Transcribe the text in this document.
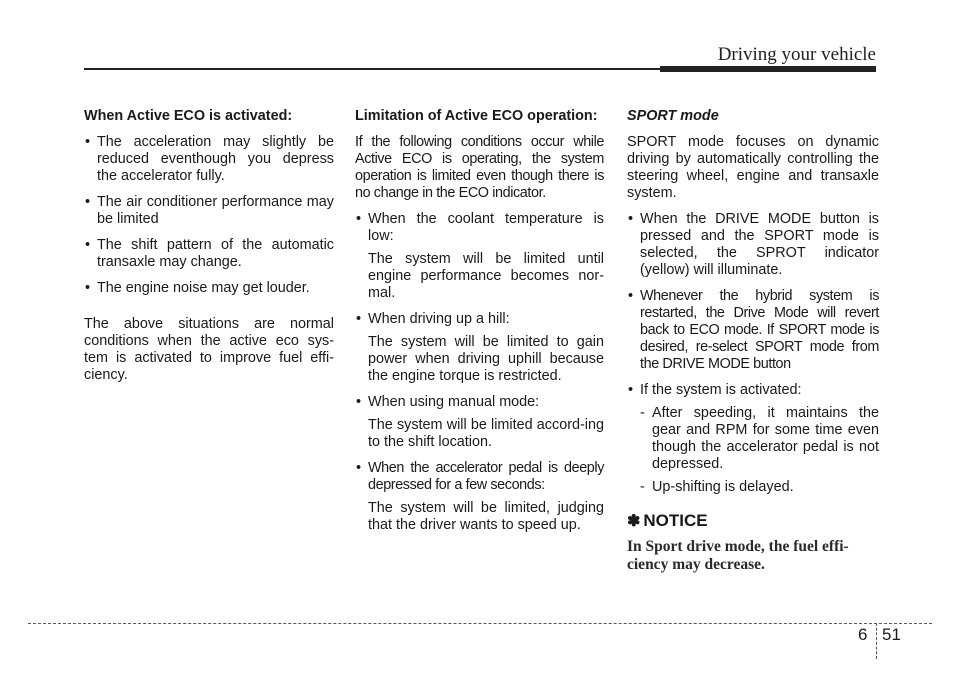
Driving your vehicle
When Active ECO is activated:
• The acceleration may slightly be reduced eventhough you depress the accelerator fully.
• The air conditioner performance may be limited
• The shift pattern of the automatic transaxle may change.
• The engine noise may get louder.

The above situations are normal conditions when the active eco sys-tem is activated to improve fuel effi-ciency.

Limitation of Active ECO operation:

If the following conditions occur while Active ECO is operating, the system operation is limited even though there is no change in the ECO indicator.

• When the coolant temperature is low:
The system will be limited until engine performance becomes nor-mal.
• When driving up a hill:
The system will be limited to gain power when driving uphill because the engine torque is restricted.
• When using manual mode:
The system will be limited accord-ing to the shift location.
• When the accelerator pedal is deeply depressed for a few seconds:
The system will be limited, judging that the driver wants to speed up.
SPORT mode

SPORT mode focuses on dynamic driving by automatically controlling the steering wheel, engine and transaxle system.

• When the DRIVE MODE button is pressed and the SPORT mode is selected, the SPROT indicator (yellow) will illuminate.
• Whenever the hybrid system is restarted, the Drive Mode will revert back to ECO mode. If SPORT mode is desired, re-select SPORT mode from the DRIVE MODE button
• If the system is activated:
- After speeding, it maintains the gear and RPM for some time even though the accelerator pedal is not depressed.
- Up-shifting is delayed.
✽ NOTICE
In Sport drive mode, the fuel effi-ciency may decrease.
6 51
